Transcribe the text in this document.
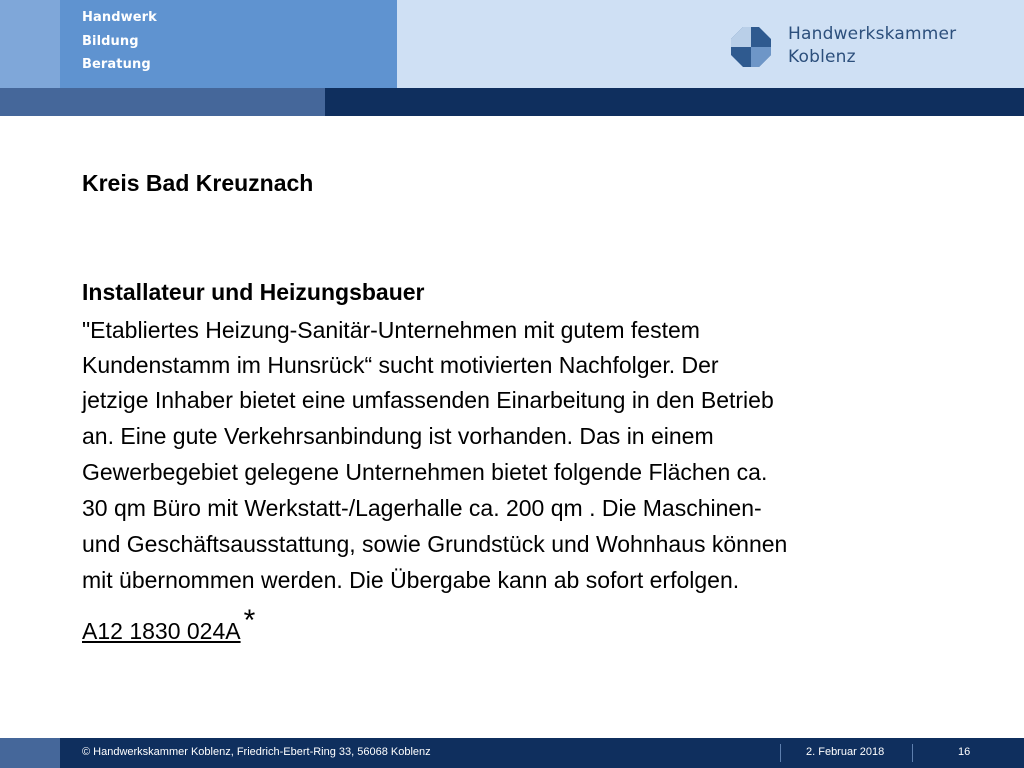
Handwerk
Bildung
Beratung
Handwerkskammer
Koblenz
Kreis Bad Kreuznach
Installateur und Heizungsbauer
"Etabliertes Heizung-Sanitär-Unternehmen mit gutem festem
Kundenstamm im Hunsrück“ sucht motivierten Nachfolger. Der
jetzige Inhaber bietet eine umfassenden Einarbeitung in den Betrieb
an. Eine gute Verkehrsanbindung ist vorhanden. Das in einem
Gewerbegebiet gelegene Unternehmen bietet folgende Flächen ca.
30 qm Büro mit Werkstatt-/Lagerhalle ca. 200 qm . Die Maschinen-
und Geschäftsausstattung, sowie Grundstück und Wohnhaus können
mit übernommen werden. Die Übergabe kann ab sofort erfolgen.
A12 1830 024A *
© Handwerkskammer Koblenz, Friedrich-Ebert-Ring 33, 56068 Koblenz	2. Februar 2018	16
